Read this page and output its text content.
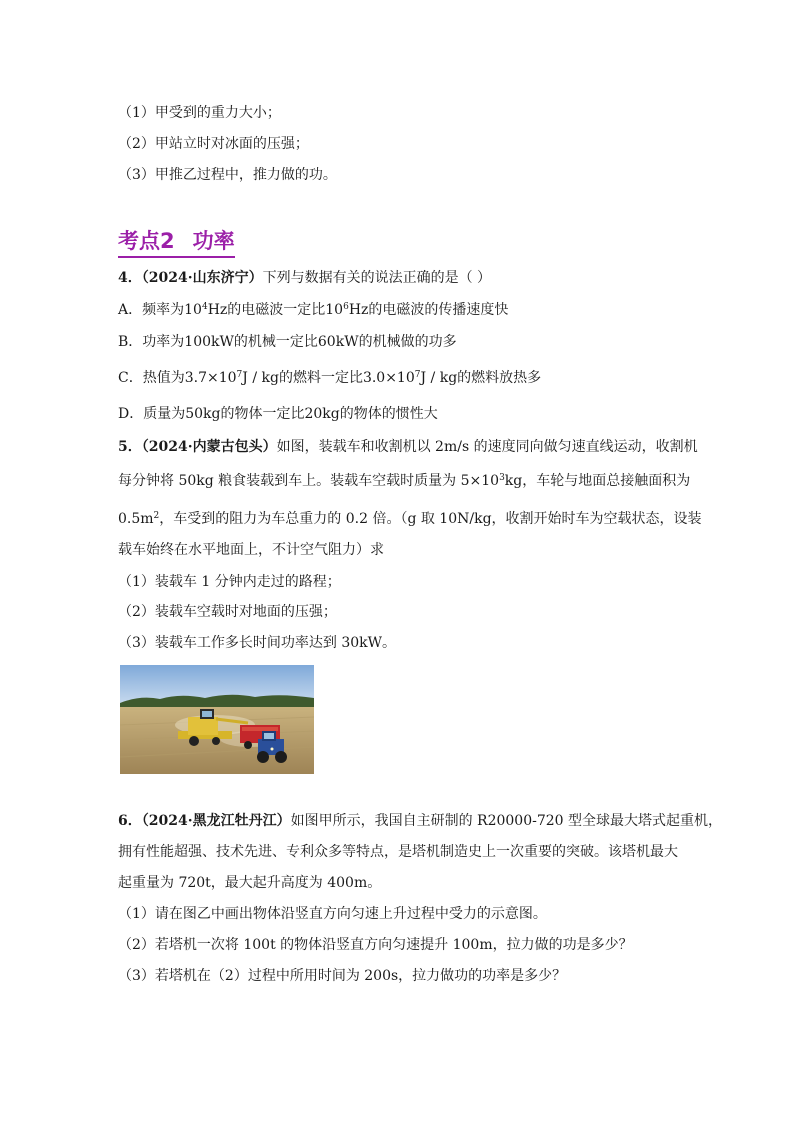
（1）甲受到的重力大小；
（2）甲站立时对冰面的压强；
（3）甲推乙过程中，推力做的功。
考点2 功率
4．（2024·山东济宁）下列与数据有关的说法正确的是（ ）
A．频率为$10^4Hz$的电磁波一定比$10^6Hz$的电磁波的传播速度快
B．功率为100kW的机械一定比60kW的机械做的功多
C．热值为$3.7\times 10^7J$ / kg的燃料一定比$3.0\times 10^7J$ / kg的燃料放热多
D．质量为50kg的物体一定比20kg的物体的惯性大
5．（2024·内蒙古包头）如图，装载车和收割机以 2m/s 的速度同向做匀速直线运动，收割机
每分钟将 50kg 粮食装载到车上。装载车空载时质量为 $5\times 10^3kg$，车轮与地面总接触面积为
$0.5m^2$，车受到的阻力为车总重力的 0.2 倍。（g 取 10N/kg，收割开始时车为空载状态，设装
载车始终在水平地面上，不计空气阻力）求
（1）装载车 1 分钟内走过的路程；
（2）装载车空载时对地面的压强；
（3）装载车工作多长时间功率达到 30kW。
6．（2024·黑龙江牡丹江）如图甲所示，我国自主研制的 R20000-720 型全球最大塔式起重机，
拥有性能超强、技术先进、专利众多等特点，是塔机制造史上一次重要的突破。该塔机最大
起重量为 720t，最大起升高度为 400m。
（1）请在图乙中画出物体沿竖直方向匀速上升过程中受力的示意图。
（2）若塔机一次将 100t 的物体沿竖直方向匀速提升 100m，拉力做的功是多少？
（3）若塔机在（2）过程中所用时间为 200s，拉力做功的功率是多少？
